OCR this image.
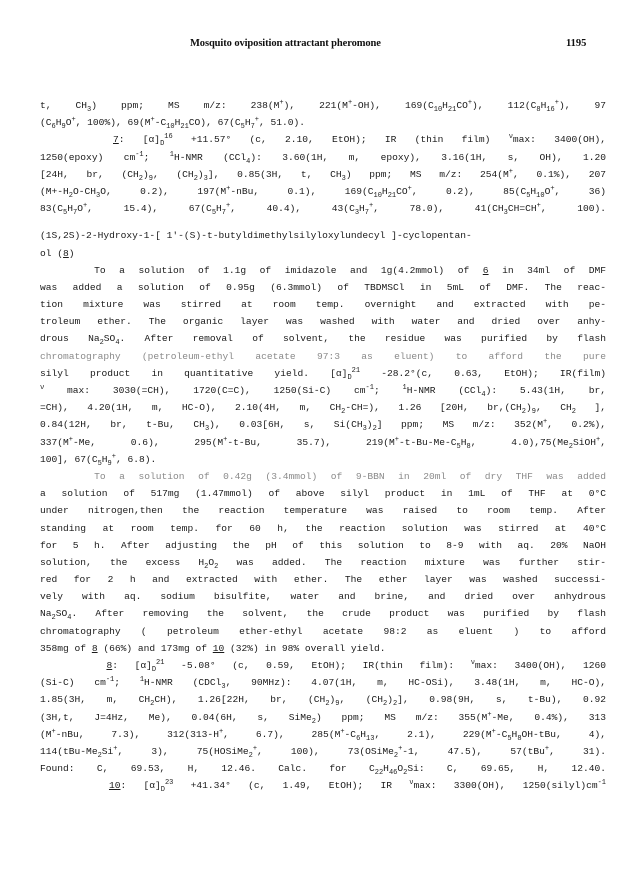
Mosquito oviposition attractant pheromone	1195
t, $CH_3$) ppm; MS m/z: 238(M+), 221(M+-OH), $169(C_{10}H_{21}CO^+)$, $112(C_8H_{16}^+)$, 97
($C_6H_9O^+$, 100%), $69(M^+-C_{10}H_{21}CO)$, $67(C_5H_7^+$, 51.0).
7: $[\alpha]_D^{16} +11.57^\circ$ (c, 2.10, EtOH); IR (thin film) $^\nu$max: 3400(OH),
1250(epoxy) $cm^{-1}$; $^1$H-NMR (CCl$_4$): 3.60(1H, m, epoxy), 3.16(1H, s, OH), 1.20
[24H, br, $(CH_2)_9$, $(CH_2)_3$], 0.85(3H, t, $CH_3$) ppm; MS m/z: 254(M+, 0.1%), 207
($M+-H_2O-CH_3O$, 0.2), 197(M+-nBu, 0.1), $169(C_{10}H_{21}CO^+$, 0.2), $85(C_5H_{10}O^+$, 36)
$83(C_5H_7O^+$, 15.4), $67(C_5H_7^+$, 40.4), $43(C_3H_7^+$, 78.0), $41(CH_3CH=CH^+$, 100).
(1S,2S)-2-Hydroxy-1-[ 1'-(S)-t-butyldimethylsilyloxylundecyl ]-cyclopentan-
ol (8)
To a solution of 1.1g of imidazole and 1g(4.2mmol) of 6 in 34ml of DMF
was added a solution of 0.95g (6.3mmol) of TBDMSCl in 5mL of DMF. The reac-
tion mixture was stirred at room temp. overnight and extracted with pe-
troleum ether. The organic layer was washed with water and dried over anhy-
drous $Na_2SO_4$. After removal of solvent, the residue was purified by flash
chromatography (petroleum-ethyl acetate 97:3 as eluent) to afford the pure
silyl product in quantitative yield. $[\alpha]_D^{21}$ -28.2°(c, 0.63, EtOH); IR(film)
$^\nu$ max: 3030(=CH), 1720(C=C), 1250(Si-C) $cm^{-1}$; $^1$H-NMR (CCl$_4$): 5.43(1H, br,
=CH), 4.20(1H, m, HC-O), 2.10(4H, m, $CH_2-CH=$), 1.26 [20H, $br,(CH_2)_9$, $CH_2$ ],
0.84(12H, br, t-Bu, $CH_3$), 0.03[6H, s, $Si(CH_3)_2$] ppm; MS m/z: 352(M+, 0.2%),
337(M+-Me, 0.6), 295(M+-t-Bu, 35.7), $219(M^+-t-Bu-Me-C_5H_8$, $4.0),75(Me_2SiOH^+$,
100], $67(C_5H_9^+$, 6.8).
To a solution of 0.42g (3.4mmol) of 9-BBN in 20ml of dry THF was added
a solution of 517mg (1.47mmol) of above silyl product in 1mL of THF at 0°C
under nitrogen,then the reaction temperature was raised to room temp. After
standing at room temp. for 60 h, the reaction solution was stirred at 40°C
for 5 h. After adjusting the pH of this solution to 8-9 with aq. 20% NaOH
solution, the excess $H_2O_2$ was added. The reaction mixture was further stir-
red for 2 h and extracted with ether. The ether layer was washed successi-
vely with aq. sodium bisulfite, water and brine, and dried over anhydrous
$Na_2SO_4$. After removing the solvent, the crude product was purified by flash
chromatography ( petroleum ether-ethyl acetate 98:2 as eluent ) to afford
358mg of 8 (66%) and 173mg of 10 (32%) in 98% overall yield.
8: $[\alpha]_D^{21}$ -5.08° (c, 0.59, EtOH); IR(thin film): $^\nu$max: 3400(OH), 1260
(Si-C) $cm^{-1}$; $^1$H-NMR (CDCl$_3$, 90MHz): 4.07(1H, m, HC-OSi), 3.48(1H, m, HC-O),
1.85(3H, m, $CH_2CH$), 1.26[22H, br, $(CH_2)_9$, $(CH_2)_2$], 0.98(9H, s, t-Bu), 0.92
(3H,t, J=4Hz, Me), 0.04(6H, s, SiMe$_2$) ppm; MS m/z: 355(M+-Me, 0.4%), 313
(M+-nBu, 7.3), 312(313-H+, 6.7), $285(M^+-C_6H_{13}$, 2.1), $229(M^+-C_5H_8OH$-tBu, 4),
$114(tBu-Me_2Si^+$, 3), 75(HOSiMe$_2$+, 100), 73(OSiMe$_2$+-1, 47.5), 57(tBu+, 31).
Found: C, 69.53, H, 12.46. Calc. for $C_{22}H_{46}O_2Si$: C, 69.65, H, 12.40.
10: $[\alpha]_D^{23} +41.34^\circ$ (c, 1.49, EtOH); IR $^\nu$max: 3300(OH), $1250(silyl)cm^{-1}$
